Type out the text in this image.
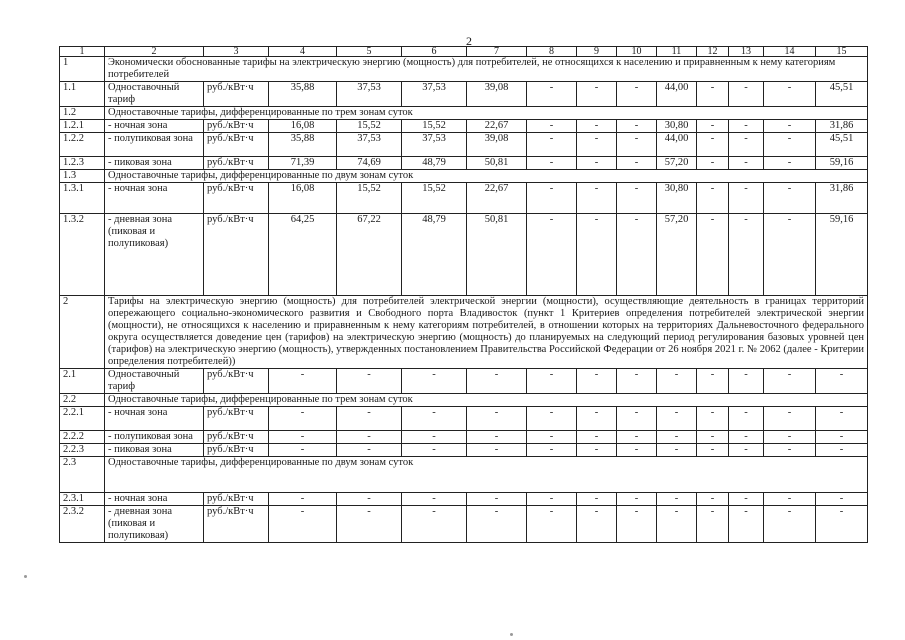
2
1	2	3	4	5	6	7	8	9	10	11	12	13	14	15
1	Экономически обоснованные тарифы на электрическую энергию (мощность) для потребителей, не относящихся к населению и приравненным к нему категориям потребителей													
1.1	Одноставочный тариф	руб./кВт·ч	35,88	37,53	37,53	39,08	-	-	-	44,00	-	-	-	45,51
1.2	Одноставочные тарифы, дифференцированные по трем зонам суток													
1.2.1	- ночная зона	руб./кВт·ч	16,08	15,52	15,52	22,67	-	-	-	30,80	-	-	-	31,86
1.2.2	- полупиковая зона	руб./кВт·ч	35,88	37,53	37,53	39,08	-	-	-	44,00	-	-	-	45,51
1.2.3	- пиковая зона	руб./кВт·ч	71,39	74,69	48,79	50,81	-	-	-	57,20	-	-	-	59,16
1.3	Одноставочные тарифы, дифференцированные по двум зонам суток													
1.3.1	- ночная зона	руб./кВт·ч	16,08	15,52	15,52	22,67	-	-	-	30,80	-	-	-	31,86
1.3.2	- дневная зона (пиковая и полупиковая)	руб./кВт·ч	64,25	67,22	48,79	50,81	-	-	-	57,20	-	-	-	59,16
2	Тарифы на электрическую энергию (мощность) для потребителей электрической энергии (мощности), осуществляющие деятельность в границах территорий опережающего социально-экономического развития и Свободного порта Владивосток (пункт 1 Критериев определения потребителей электрической энергии (мощности), не относящихся к населению и приравненным к нему категориям потребителей, в отношении которых на территориях Дальневосточного федерального округа осуществляется доведение цен (тарифов) на электрическую энергию (мощность) до планируемых на следующий период регулирования базовых уровней цен (тарифов) на электрическую энергию (мощность), утвержденных постановлением Правительства Российской Федерации от 26 ноября 2021 г. № 2062 (далее - Критерии определения потребителей))													
2.1	Одноставочный тариф	руб./кВт·ч	-	-	-	-	-	-	-	-	-	-	-	-
2.2	Одноставочные тарифы, дифференцированные по трем зонам суток													
2.2.1	- ночная зона	руб./кВт·ч	-	-	-	-	-	-	-	-	-	-	-	-
2.2.2	- полупиковая зона	руб./кВт·ч	-	-	-	-	-	-	-	-	-	-	-	-
2.2.3	- пиковая зона	руб./кВт·ч	-	-	-	-	-	-	-	-	-	-	-	-
2.3	Одноставочные тарифы, дифференцированные по двум зонам суток													
2.3.1	- ночная зона	руб./кВт·ч	-	-	-	-	-	-	-	-	-	-	-	-
2.3.2	- дневная зона (пиковая и полупиковая)	руб./кВт·ч	-	-	-	-	-	-	-	-	-	-	-	-
